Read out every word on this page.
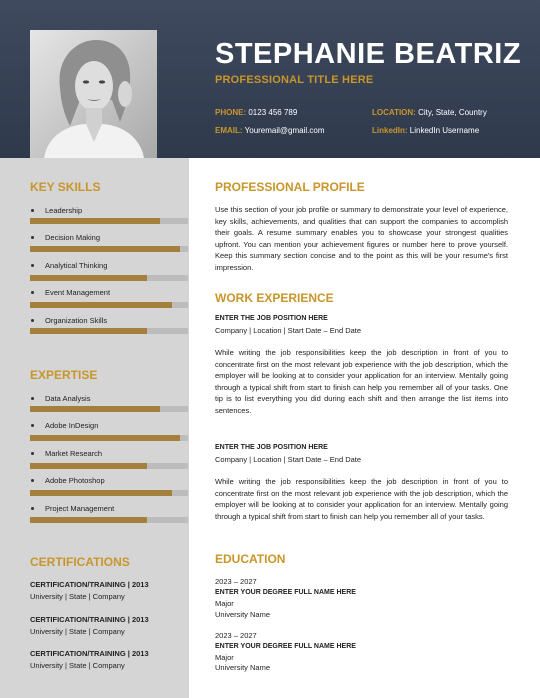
STEPHANIE BEATRIZ
PROFESSIONAL TITLE HERE
PHONE: 0123 456 789	LOCATION: City, State, Country
EMAIL: Youremail@gmail.com	LinkedIn: LinkedIn Username
KEY SKILLS
Leadership
Decision Making
Analytical Thinking
Event Management
Organization Skills
EXPERTISE
Data Analysis
Adobe InDesign
Market Research
Adobe Photoshop
Project Management
CERTIFICATIONS
CERTIFICATION/TRAINING | 2013
University | State | Company
CERTIFICATION/TRAINING | 2013
University | State | Company
CERTIFICATION/TRAINING | 2013
University | State | Company
PROFESSIONAL PROFILE
Use this section of your job profile or summary to demonstrate your level of experience, key skills, achievements, and qualities that can support the companies to accomplish their goals. A resume summary enables you to showcase your strongest qualities upfront. You can mention your achievement figures or number here to prove yourself. Keep this summary section concise and to the point as this will be your resume's first impression.
WORK EXPERIENCE
ENTER THE JOB POSITION HERE
Company | Location | Start Date – End Date
While writing the job responsibilities keep the job description in front of you to concentrate first on the most relevant job experience with the job description, which the employer will be looking at to consider your application for an interview. Mentally going through a typical shift from start to finish can help you remember all of your tasks. One tip is to list everything you did during each shift and then arrange the list items into sentences.
ENTER THE JOB POSITION HERE
Company | Location | Start Date – End Date
While writing the job responsibilities keep the job description in front of you to concentrate first on the most relevant job experience with the job description, which the employer will be looking at to consider your application for an interview. Mentally going through a typical shift from start to finish can help you remember all of your tasks.
EDUCATION
2023 – 2027
ENTER YOUR DEGREE FULL NAME HERE
Major
University Name
2023 – 2027
ENTER YOUR DEGREE FULL NAME HERE
Major
University Name
